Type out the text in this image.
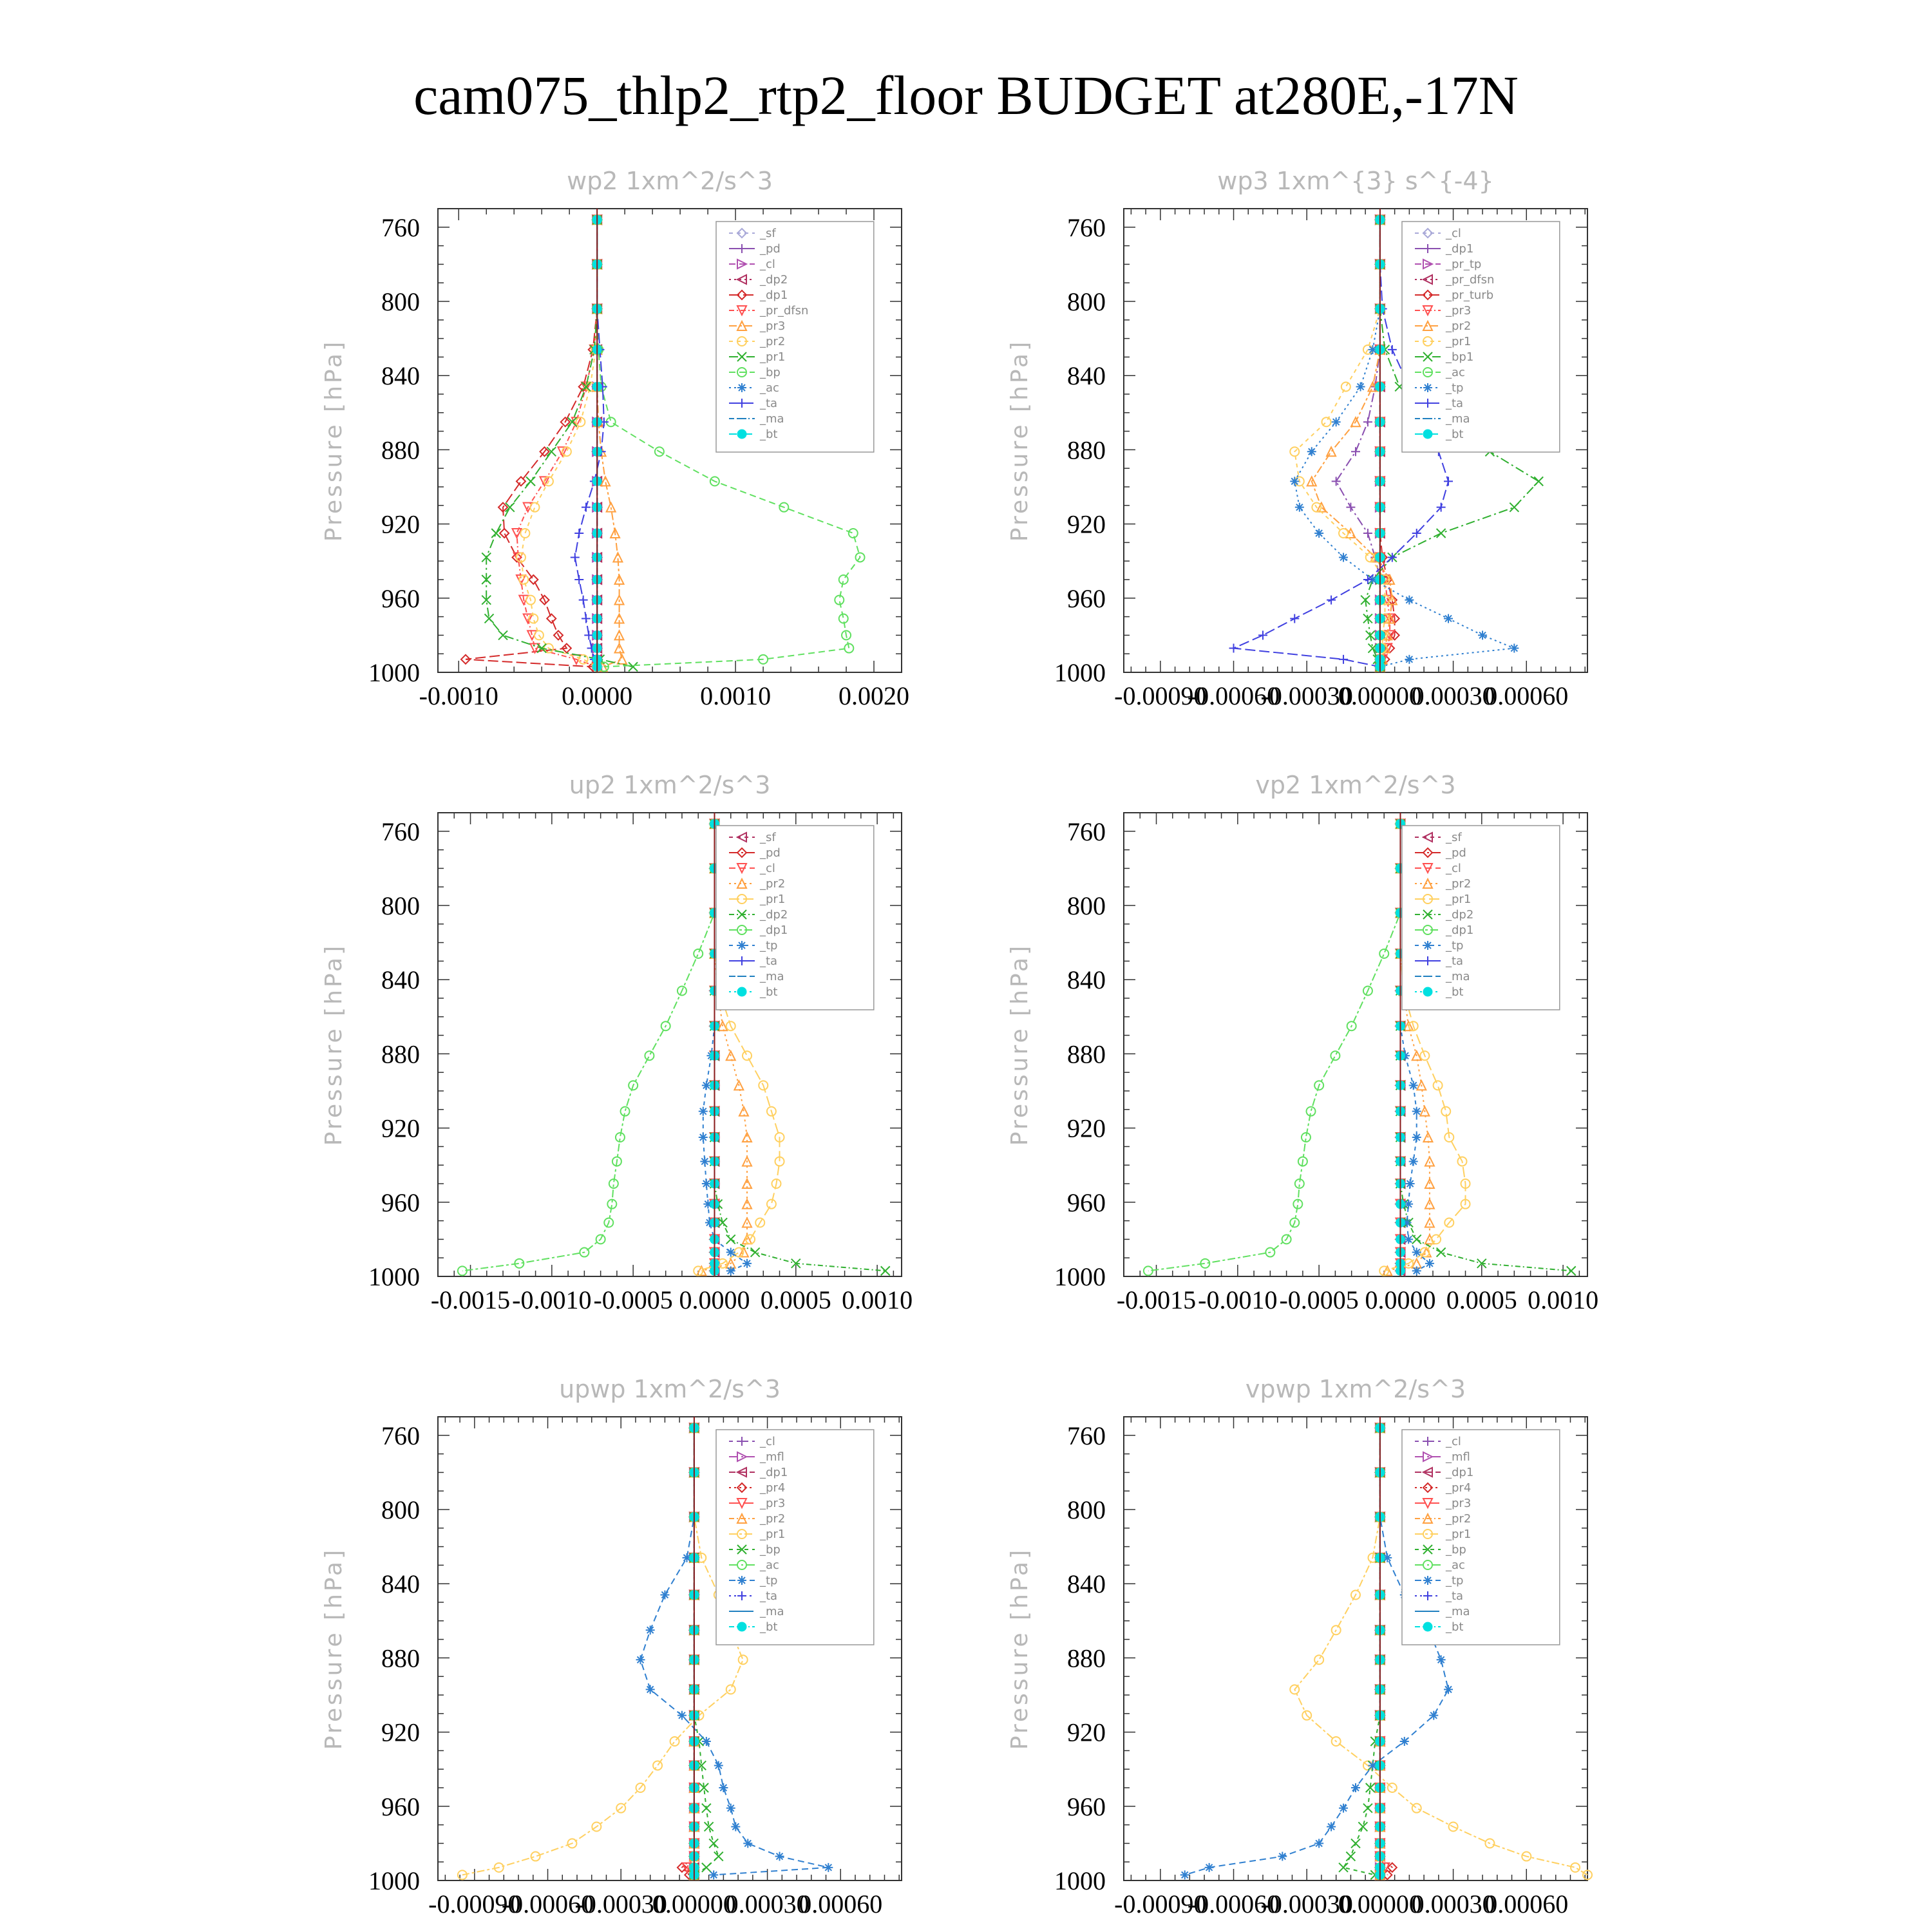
cam075_thlp2_rtp2_floor BUDGET at280E,-17N
wp2 1xm^2/s^3
Pressure [hPa]
760
800
840
880
920
960
1000
-0.0010 0.0000	0.0010	0.0020
_sf
_pd
_cl
_dp2
_dp1
_pr_dfsn
_pr3
_pr2
_pr1
_bp
_ac
_ta
_ma
_bt
wp3 1xm^{3} s^{-4}
Pressure [hPa]
760
800
840
880
920
960
1000
-0.00090
-0.00060
-0.00030
0.00000
0.00030
0.00060
_cl
_dp1
_pr_tp
_pr_dfsn
_pr_turb
_pr3
_pr2
_pr1
_bp1
_ac
_tp
_ta
_ma
_bt
up2 1xm^2/s^3
Pressure [hPa]
760
800
840
880
920
960
1000
-0.0015 -0.0010 -0.0005 0.0000 0.0005 0.0010
_sf
_pd
_cl
_pr2
_pr1
_dp2
_dp1
_tp
_ta
_ma
_bt
vp2 1xm^2/s^3
Pressure [hPa]
760
800
840
880
920
960
1000
-0.0015 -0.0010 -0.0005 0.0000 0.0005 0.0010
_sf
_pd
_cl
_pr2
_pr1
_dp2
_dp1
_tp
_ta
_ma
_bt
upwp 1xm^2/s^3
Pressure [hPa]
760
800
840
880
920
960
1000
-0.00090
-0.00060
-0.00030
0.00000
0.00030
0.00060
_cl
_mfl
_dp1
_pr4
_pr3
_pr2
_pr1
_bp
_ac
_tp
_ta
_ma
_bt
vpwp 1xm^2/s^3
Pressure [hPa]
760
800
840
880
920
960
1000
-0.00090
-0.00060
-0.00030
0.00000
0.00030
0.00060
_cl
_mfl
_dp1
_pr4
_pr3
_pr2
_pr1
_bp
_ac
_tp
_ta
_ma
_bt
